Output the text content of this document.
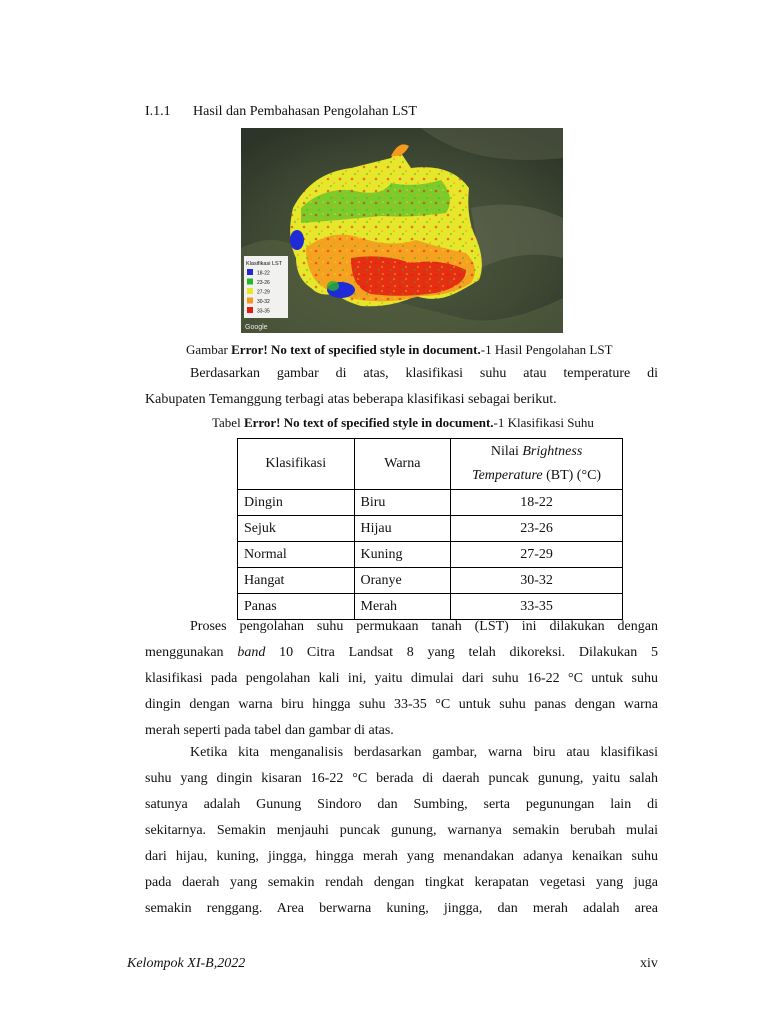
I.1.1 Hasil dan Pembahasan Pengolahan LST
Klasifikasi LST
18-22
23-26
27-29
30-32
33-35
Google
Gambar Error! No text of specified style in document.-1 Hasil Pengolahan LST
Berdasarkan gambar di atas, klasifikasi suhu atau temperature di
Kabupaten Temanggung terbagi atas beberapa klasifikasi sebagai berikut.
Tabel Error! No text of specified style in document.-1 Klasifikasi Suhu
Klasifikasi	Warna	Nilai Brightness
Temperature (BT) (°C)
Dingin	Biru	18-22
Sejuk	Hijau	23-26
Normal	Kuning	27-29
Hangat	Oranye	30-32
Panas	Merah	33-35
Proses pengolahan suhu permukaan tanah (LST) ini dilakukan dengan
menggunakan band 10 Citra Landsat 8 yang telah dikoreksi. Dilakukan 5
klasifikasi pada pengolahan kali ini, yaitu dimulai dari suhu 16-22 °C untuk suhu
dingin dengan warna biru hingga suhu 33-35 °C untuk suhu panas dengan warna
merah seperti pada tabel dan gambar di atas.
Ketika kita menganalisis berdasarkan gambar, warna biru atau klasifikasi
suhu yang dingin kisaran 16-22 °C berada di daerah puncak gunung, yaitu salah
satunya adalah Gunung Sindoro dan Sumbing, serta pegunungan lain di
sekitarnya. Semakin menjauhi puncak gunung, warnanya semakin berubah mulai
dari hijau, kuning, jingga, hingga merah yang menandakan adanya kenaikan suhu
pada daerah yang semakin rendah dengan tingkat kerapatan vegetasi yang juga
semakin renggang. Area berwarna kuning, jingga, dan merah adalah area
Kelompok XI-B,2022	xiv
